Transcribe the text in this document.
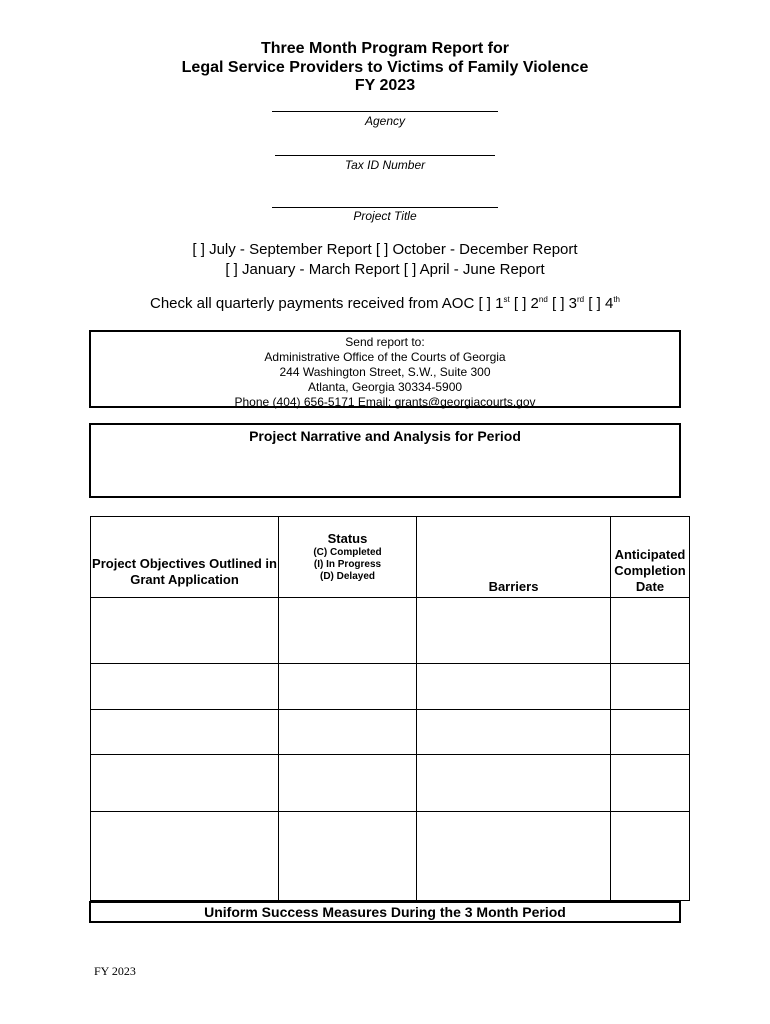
Three Month Program Report for
Legal Service Providers to Victims of Family Violence
FY 2023
Agency
Tax ID Number
Project Title
[ ] July - September Report [ ] October - December Report
[ ] January - March Report [ ] April - June Report
Check all quarterly payments received from AOC [ ] 1st [ ] 2nd [ ] 3rd [ ] 4th
Send report to:
Administrative Office of the Courts of Georgia
244 Washington Street, S.W., Suite 300
Atlanta, Georgia 30334-5900
Phone (404) 656-5171 Email: grants@georgiacourts.gov
Project Narrative and Analysis for Period
Project Objectives Outlined in Grant Application	Status
(C) Completed
(I) In Progress
(D) Delayed	Barriers	Anticipated Completion Date

Uniform Success Measures During the 3 Month Period
FY 2023
